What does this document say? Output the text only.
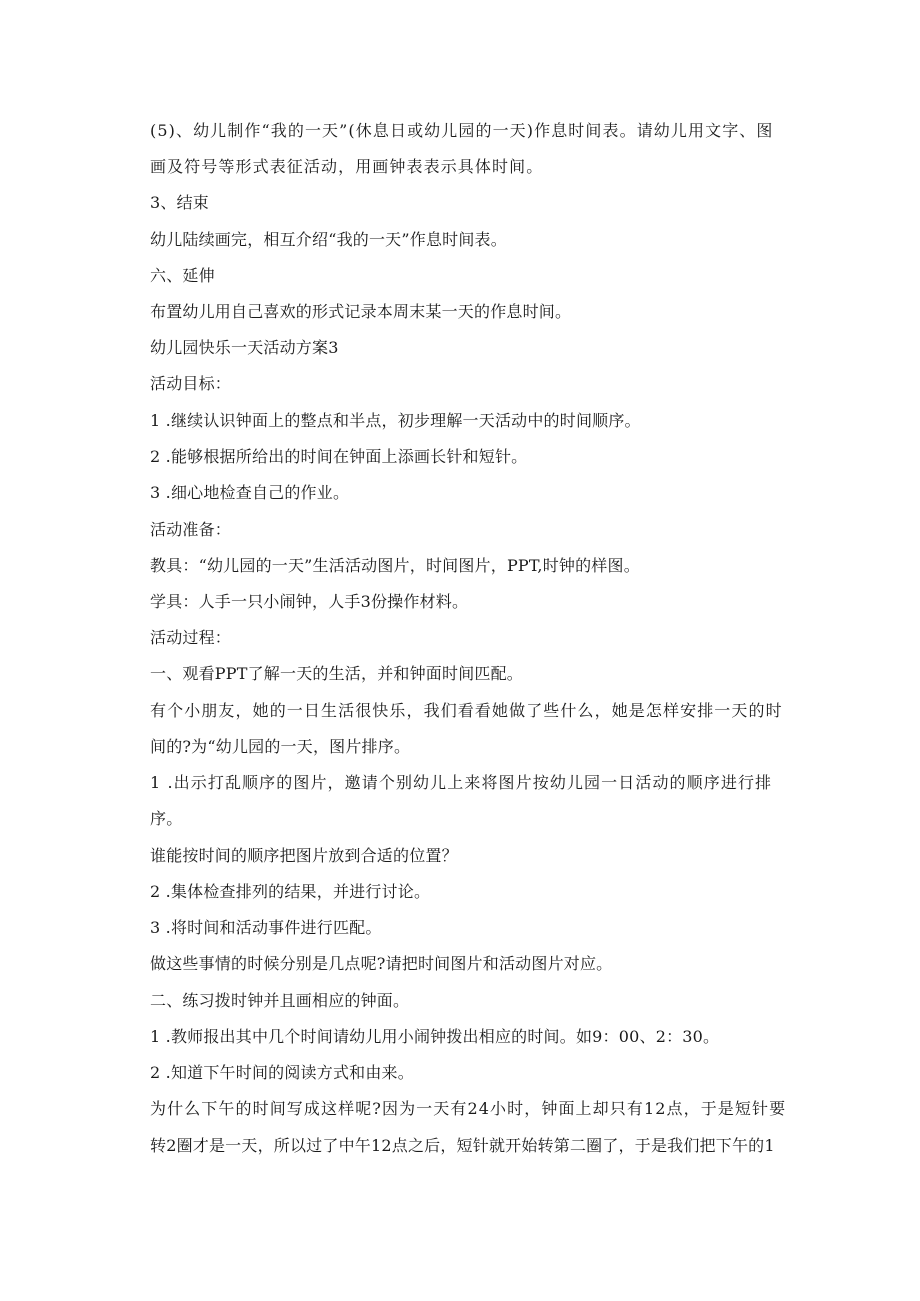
(5)、幼儿制作“我的一天”(休息日或幼儿园的一天)作息时间表。请幼儿用文字、图
画及符号等形式表征活动，用画钟表表示具体时间。
3、结束
幼儿陆续画完，相互介绍“我的一天”作息时间表。
六、延伸
布置幼儿用自己喜欢的形式记录本周末某一天的作息时间。
幼儿园快乐一天活动方案3
活动目标：
1 .继续认识钟面上的整点和半点，初步理解一天活动中的时间顺序。
2 .能够根据所给出的时间在钟面上添画长针和短针。
3 .细心地检查自己的作业。
活动准备：
教具：“幼儿园的一天”生活活动图片，时间图片，PPT,时钟的样图。
学具：人手一只小闹钟，人手3份操作材料。
活动过程：
一、观看PPT了解一天的生活，并和钟面时间匹配。
有个小朋友，她的一日生活很快乐，我们看看她做了些什么，她是怎样安排一天的时
间的?为“幼儿园的一天，图片排序。
1 .出示打乱顺序的图片，邀请个别幼儿上来将图片按幼儿园一日活动的顺序进行排
序。
谁能按时间的顺序把图片放到合适的位置？
2 .集体检查排列的结果，并进行讨论。
3 .将时间和活动事件进行匹配。
做这些事情的时候分别是几点呢?请把时间图片和活动图片对应。
二、练习拨时钟并且画相应的钟面。
1 .教师报出其中几个时间请幼儿用小闹钟拨出相应的时间。如9：00、2：30。
2 .知道下午时间的阅读方式和由来。
为什么下午的时间写成这样呢?因为一天有24小时，钟面上却只有12点，于是短针要
转2圈才是一天，所以过了中午12点之后，短针就开始转第二圈了，于是我们把下午的1
